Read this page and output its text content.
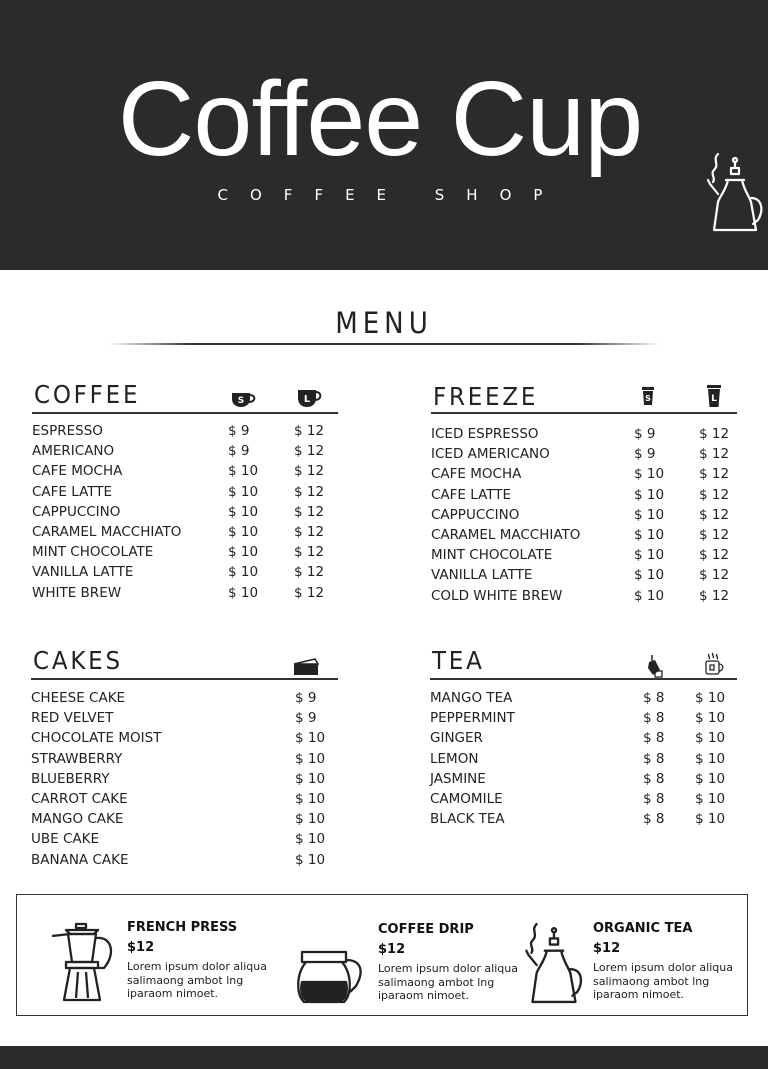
Coffee Cup
COFFEE SHOP
MENU
COFFEE	S	L
ESPRESSO	$ 9	$ 12
AMERICANO	$ 9	$ 12
CAFE MOCHA	$ 10	$ 12
CAFE LATTE	$ 10	$ 12
CAPPUCCINO	$ 10	$ 12
CARAMEL MACCHIATO	$ 10	$ 12
MINT CHOCOLATE	$ 10	$ 12
VANILLA LATTE	$ 10	$ 12
WHITE BREW	$ 10	$ 12
FREEZE	S	L
ICED ESPRESSO	$ 9	$ 12
ICED AMERICANO	$ 9	$ 12
CAFE MOCHA	$ 10	$ 12
CAFE LATTE	$ 10	$ 12
CAPPUCCINO	$ 10	$ 12
CARAMEL MACCHIATO	$ 10	$ 12
MINT CHOCOLATE	$ 10	$ 12
VANILLA LATTE	$ 10	$ 12
COLD WHITE BREW	$ 10	$ 12
CAKES
CHEESE CAKE	$ 9
RED VELVET	$ 9
CHOCOLATE MOIST	$ 10
STRAWBERRY	$ 10
BLUEBERRY	$ 10
CARROT CAKE	$ 10
MANGO CAKE	$ 10
UBE CAKE	$ 10
BANANA CAKE	$ 10
TEA
MANGO TEA	$ 8 $ 10
PEPPERMINT	$ 8 $ 10
GINGER	$ 8 $ 10
LEMON	$ 8 $ 10
JASMINE	$ 8 $ 10
CAMOMILE	$ 8 $ 10
BLACK TEA	$ 8 $ 10
FRENCH PRESS
$12
Lorem ipsum dolor aliqua salimaong ambot lng iparaom nimoet.
COFFEE DRIP
$12
Lorem ipsum dolor aliqua salimaong ambot lng iparaom nimoet.
ORGANIC TEA
$12
Lorem ipsum dolor aliqua salimaong ambot lng iparaom nimoet.
